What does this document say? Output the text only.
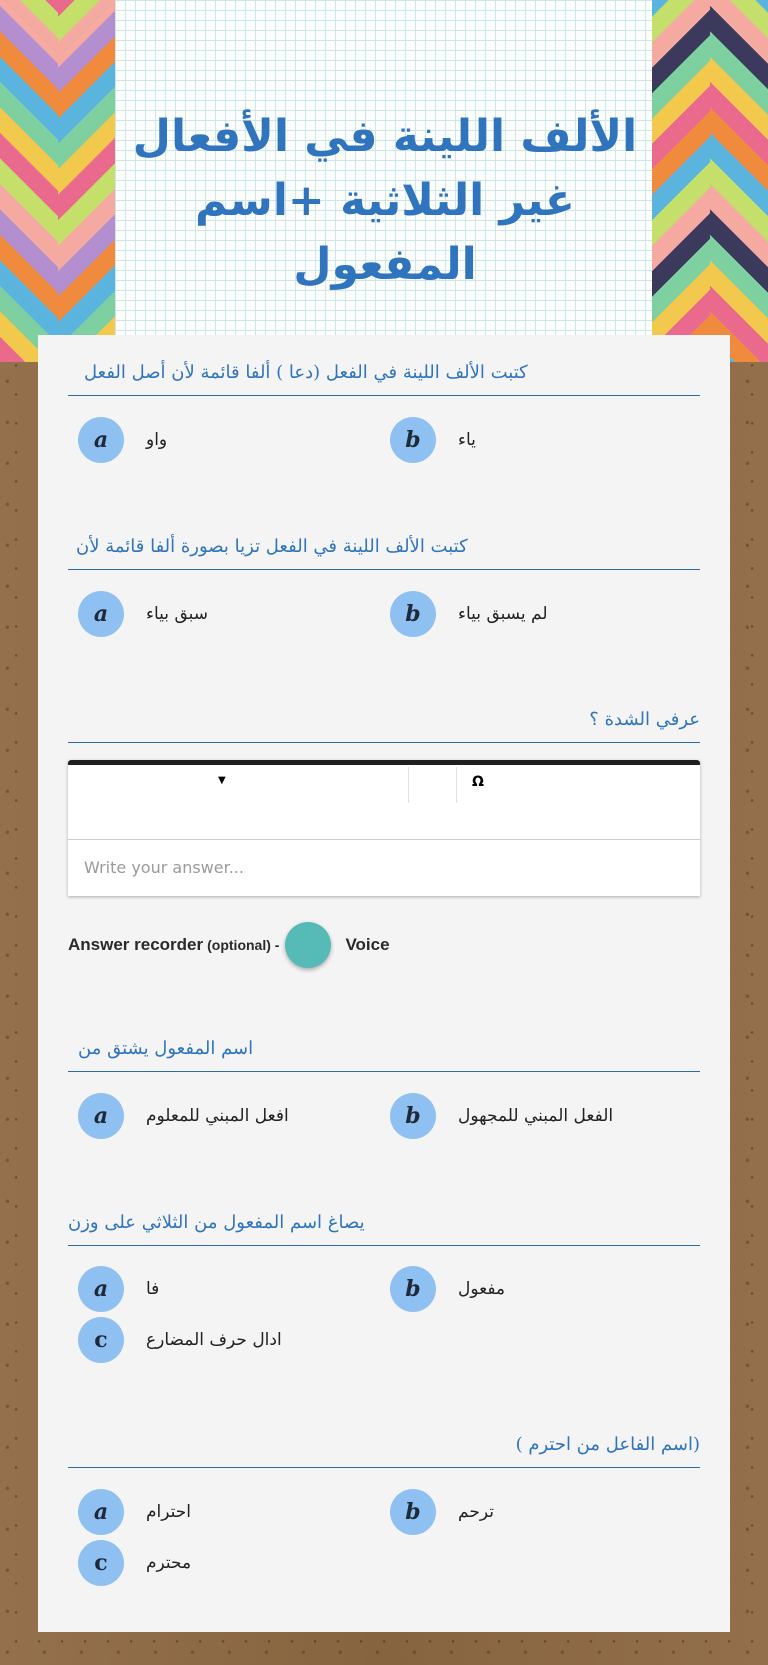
الألف اللينة في الأفعال غير الثلاثية +اسم المفعول
كتبت الألف اللينة في الفعل (دعا ) ألفا قائمة لأن أصل الفعل
a	واو	b	ياء
كتبت الألف اللينة في الفعل تزيا بصورة ألفا قائمة لأن
a	سبق بياء	b	لم يسبق بياء
عرفي الشدة ؟
▼	Ω
Write your answer...
Answer recorder (optional) -	Voice
اسم المفعول يشتق من
a	افعل المبني للمعلوم	b	الفعل المبني للمجهول
يصاغ اسم المفعول من الثلاثي على وزن
a	فا	b	مفعول
c	ادال حرف المضارع
(اسم الفاعل من احترم )
a	احترام	b	ترحم
c	محترم
